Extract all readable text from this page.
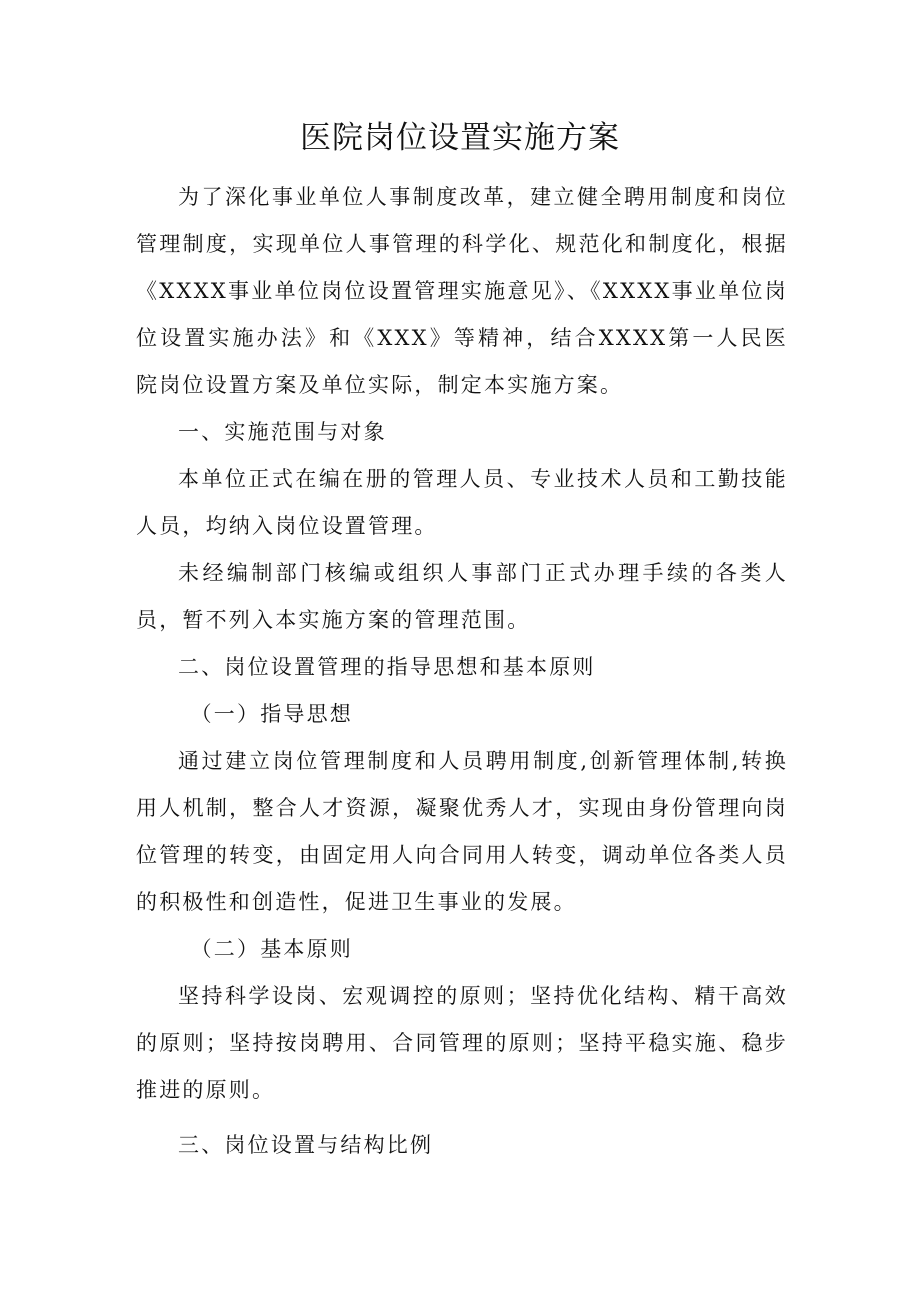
医院岗位设置实施方案

为了深化事业单位人事制度改革，建立健全聘用制度和岗位管理制度，实现单位人事管理的科学化、规范化和制度化，根据《XXXX事业单位岗位设置管理实施意见》、《XXXX事业单位岗位设置实施办法》和《XXX》等精神，结合XXXX第一人民医院岗位设置方案及单位实际，制定本实施方案。

一、实施范围与对象

本单位正式在编在册的管理人员、专业技术人员和工勤技能人员，均纳入岗位设置管理。

未经编制部门核编或组织人事部门正式办理手续的各类人员，暂不列入本实施方案的管理范围。

二、岗位设置管理的指导思想和基本原则

（一）指导思想

通过建立岗位管理制度和人员聘用制度,创新管理体制,转换用人机制，整合人才资源，凝聚优秀人才，实现由身份管理向岗位管理的转变，由固定用人向合同用人转变，调动单位各类人员的积极性和创造性，促进卫生事业的发展。

（二）基本原则

坚持科学设岗、宏观调控的原则；坚持优化结构、精干高效的原则；坚持按岗聘用、合同管理的原则；坚持平稳实施、稳步推进的原则。

三、岗位设置与结构比例
